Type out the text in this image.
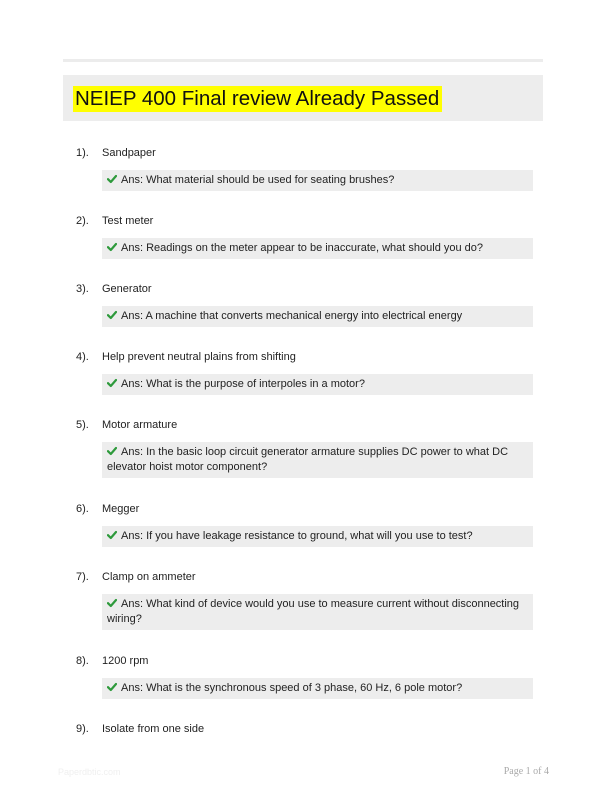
NEIEP 400 Final review Already Passed
1). Sandpaper
Ans: What material should be used for seating brushes?
2). Test meter
Ans: Readings on the meter appear to be inaccurate, what should you do?
3). Generator
Ans: A machine that converts mechanical energy into electrical energy
4). Help prevent neutral plains from shifting
Ans: What is the purpose of interpoles in a motor?
5). Motor armature
Ans: In the basic loop circuit generator armature supplies DC power to what DC elevator hoist motor component?
6). Megger
Ans: If you have leakage resistance to ground, what will you use to test?
7). Clamp on ammeter
Ans: What kind of device would you use to measure current without disconnecting wiring?
8). 1200 rpm
Ans: What is the synchronous speed of 3 phase, 60 Hz, 6 pole motor?
9). Isolate from one side
Paperdbtic.com	Page 1 of 4
